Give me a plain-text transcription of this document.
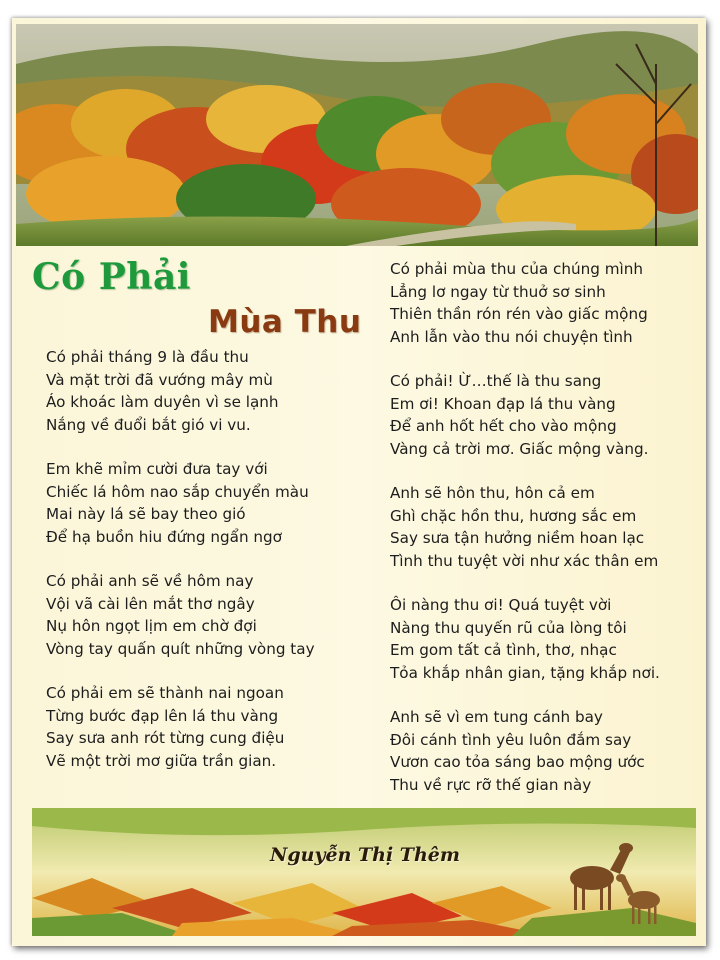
Có Phải
Mùa Thu
Nguyễn Thị Thêm
Có phải tháng 9 là đầu thu
Và mặt trời đã vướng mây mù
Áo khoác làm duyên vì se lạnh
Nắng về đuổi bắt gió vi vu.
Em khẽ mỉm cười đưa tay với
Chiếc lá hôm nao sắp chuyển màu
Mai này lá sẽ bay theo gió
Để hạ buồn hiu đứng ngẩn ngơ
Có phải anh sẽ về hôm nay
Vội vã cài lên mắt thơ ngây
Nụ hôn ngọt lịm em chờ đợi
Vòng tay quấn quít những vòng tay
Có phải em sẽ thành nai ngoan
Từng bước đạp lên lá thu vàng
Say sưa anh rót từng cung điệu
Vẽ một trời mơ giữa trần gian.
Có phải mùa thu của chúng mình
Lẳng lơ ngay từ thuở sơ sinh
Thiên thần rón rén vào giấc mộng
Anh lẫn vào thu nói chuyện tình
Có phải! Ừ…thế là thu sang
Em ơi! Khoan đạp lá thu vàng
Để anh hốt hết cho vào mộng
Vàng cả trời mơ. Giấc mộng vàng.
Anh sẽ hôn thu, hôn cả em
Ghì chặc hồn thu, hương sắc em
Say sưa tận hưởng niềm hoan lạc
Tình thu tuyệt vời như xác thân em
Ôi nàng thu ơi! Quá tuyệt vời
Nàng thu quyến rũ của lòng tôi
Em gom tất cả tình, thơ, nhạc
Tỏa khắp nhân gian, tặng khắp nơi.
Anh sẽ vì em tung cánh bay
Đôi cánh tình yêu luôn đắm say
Vươn cao tỏa sáng bao mộng ước
Thu về rực rỡ thế gian này
